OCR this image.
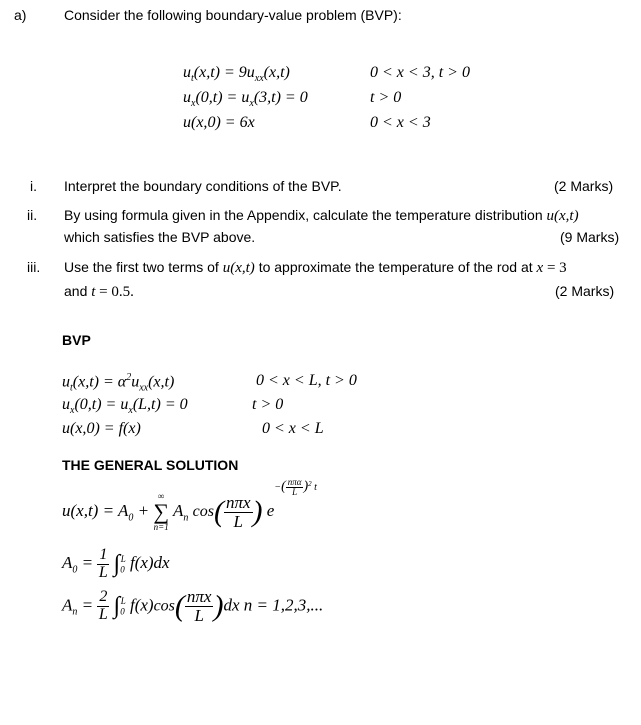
a)	Consider the following boundary-value problem (BVP):
$u_t(x,t) = 9u_{xx}(x,t)$	0 < x < 3, t > 0
$u_x(0,t) = u_x(3,t) = 0$	t > 0
u(x,0) = 6x	0 < x < 3
i. Interpret the boundary conditions of the BVP.	(2 Marks)
ii. By using formula given in the Appendix, calculate the temperature distribution u(x,t)
which satisfies the BVP above.	(9 Marks)
iii. Use the first two terms of u(x,t) to approximate the temperature of the rod at x = 3
and t = 0.5.	(2 Marks)
BVP
$u_t(x,t) = \alpha^2u_{xx}(x,t)$	0 < x < L, t > 0
$u_x(0,t) = u_x(L,t) = 0$	t > 0
u(x,0) = f(x)	0 < x < L
THE GENERAL SOLUTION
$u(x,t) = A_0$ +
∞
∑
n=1
$A_n$ $\cos( \frac{\text{nπx}}{L}$ ) $e-( \frac{\text{nπα}}{L} )^2$ t
$A_0 = \frac{1}{L} \int_0^L$ f(x)dx
$A_n = \frac{2}{L} \int_0^L$ $f(x)\cos( \frac{\text{nπx}}{L} )dx$ n = 1,2,3,...
